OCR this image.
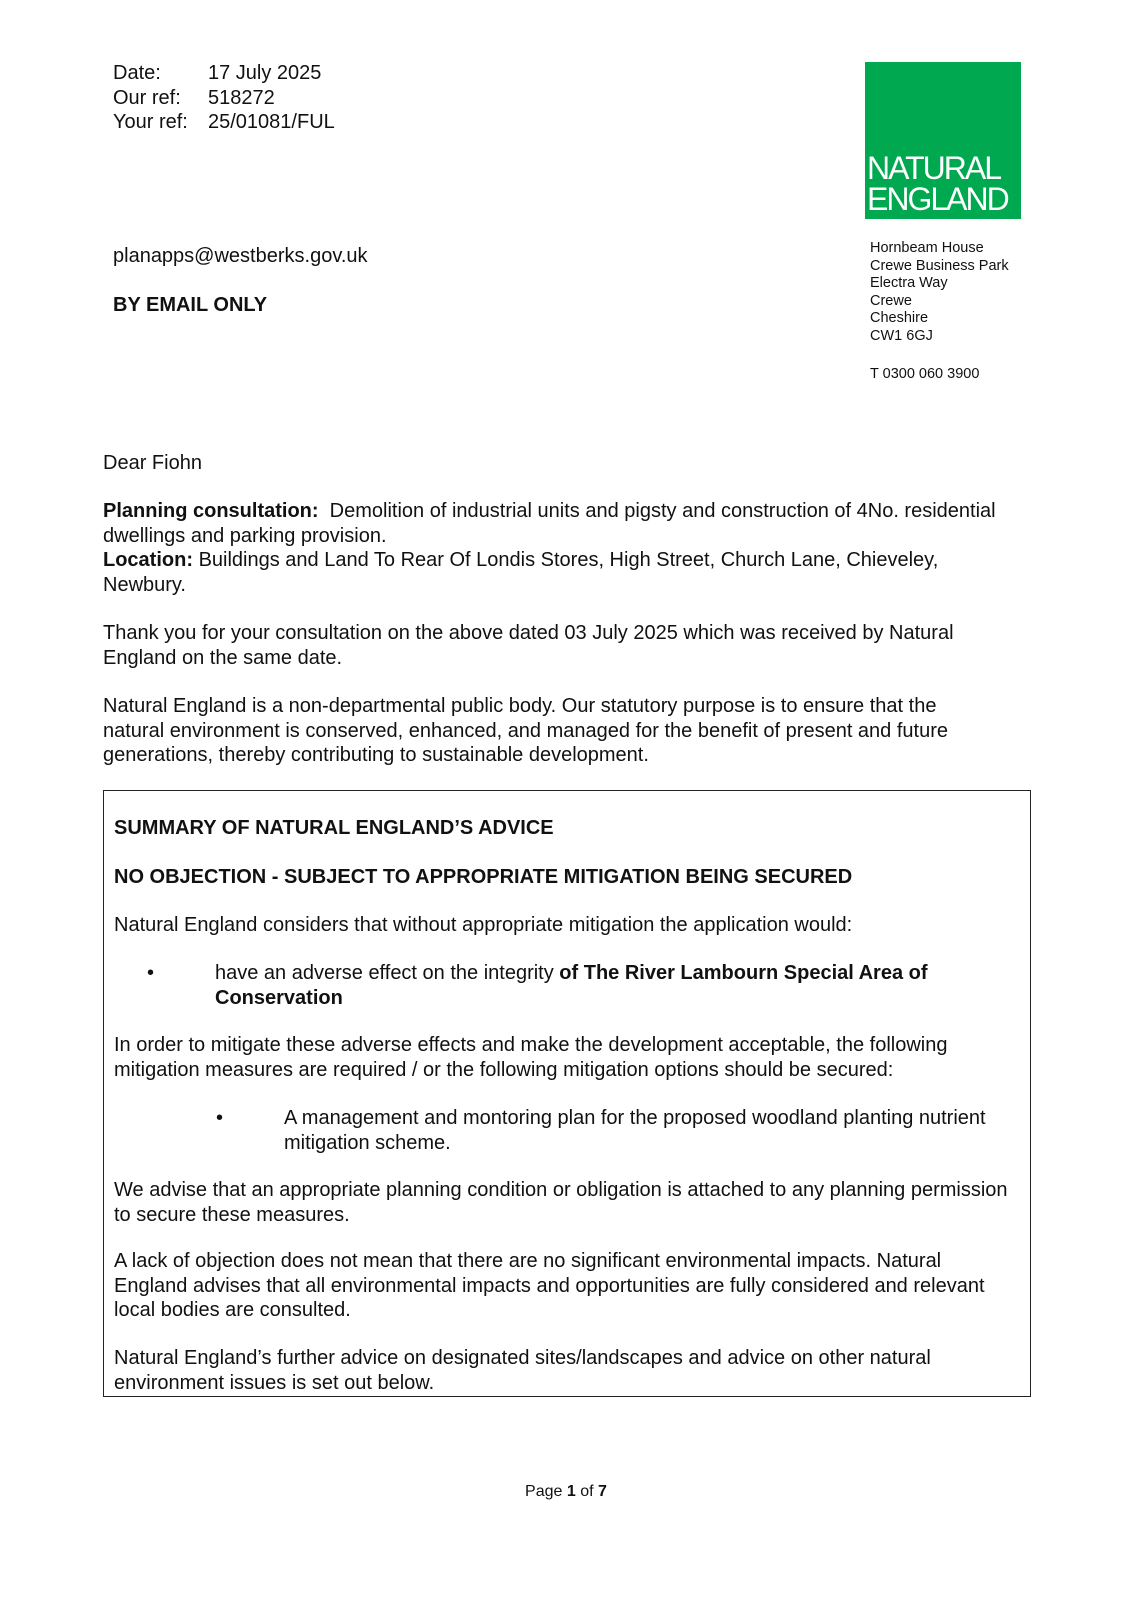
Date:	17 July 2025
Our ref:	518272
Your ref:	25/01081/FUL
NATURAL
ENGLAND
Hornbeam House
Crewe Business Park
Electra Way
Crewe
Cheshire
CW1 6GJ
T 0300 060 3900
planapps@westberks.gov.uk
BY EMAIL ONLY

Dear Fiohn

Planning consultation: Demolition of industrial units and pigsty and construction of 4No. residential dwellings and parking provision.
Location: Buildings and Land To Rear Of Londis Stores, High Street, Church Lane, Chieveley, Newbury.

Thank you for your consultation on the above dated 03 July 2025 which was received by Natural England on the same date.

Natural England is a non-departmental public body. Our statutory purpose is to ensure that the natural environment is conserved, enhanced, and managed for the benefit of present and future generations, thereby contributing to sustainable development.

SUMMARY OF NATURAL ENGLAND’S ADVICE

NO OBJECTION - SUBJECT TO APPROPRIATE MITIGATION BEING SECURED

Natural England considers that without appropriate mitigation the application would:

•	have an adverse effect on the integrity of The River Lambourn Special Area of Conservation

In order to mitigate these adverse effects and make the development acceptable, the following mitigation measures are required / or the following mitigation options should be secured:

•	A management and montoring plan for the proposed woodland planting nutrient mitigation scheme.

We advise that an appropriate planning condition or obligation is attached to any planning permission to secure these measures.

A lack of objection does not mean that there are no significant environmental impacts. Natural England advises that all environmental impacts and opportunities are fully considered and relevant local bodies are consulted.

Natural England’s further advice on designated sites/landscapes and advice on other natural environment issues is set out below.

Page 1 of 7
